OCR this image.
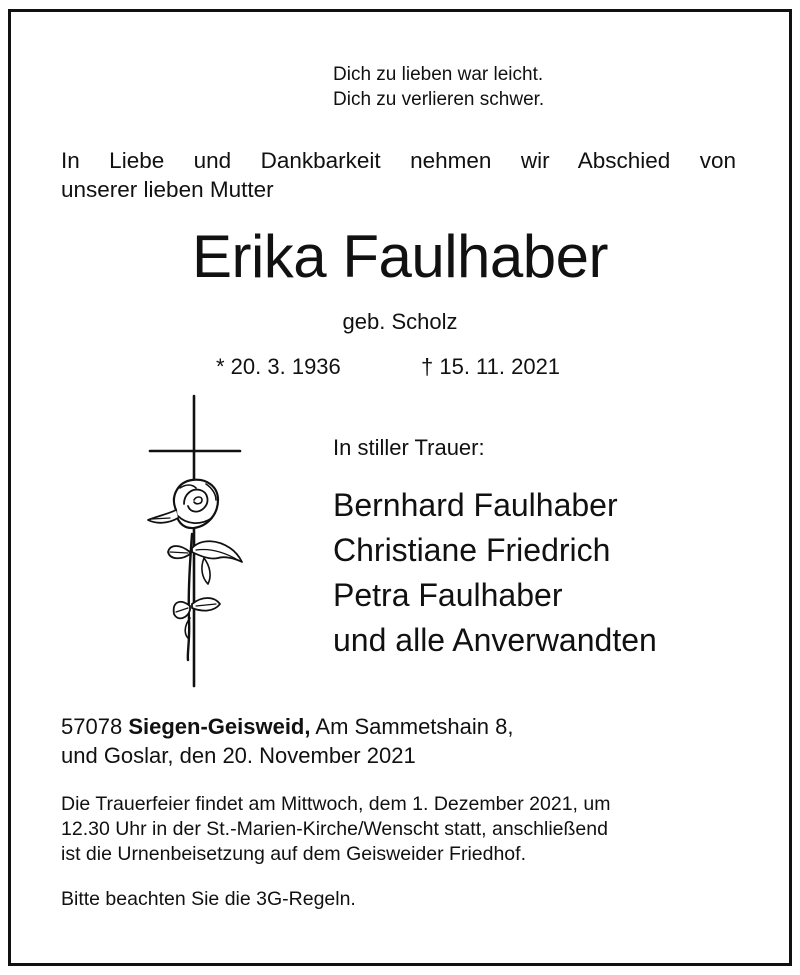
Dich zu lieben war leicht.
Dich zu verlieren schwer.
In Liebe und Dankbarkeit nehmen wir Abschied von
unserer lieben Mutter
Erika Faulhaber
geb. Scholz
* 20. 3. 1936	† 15. 11. 2021
In stiller Trauer:
Bernhard Faulhaber
Christiane Friedrich
Petra Faulhaber
und alle Anverwandten
57078 Siegen-Geisweid, Am Sammetshain 8,
und Goslar, den 20. November 2021
Die Trauerfeier findet am Mittwoch, dem 1. Dezember 2021, um
12.30 Uhr in der St.-Marien-Kirche/Wenscht statt, anschließend
ist die Urnenbeisetzung auf dem Geisweider Friedhof.
Bitte beachten Sie die 3G-Regeln.
